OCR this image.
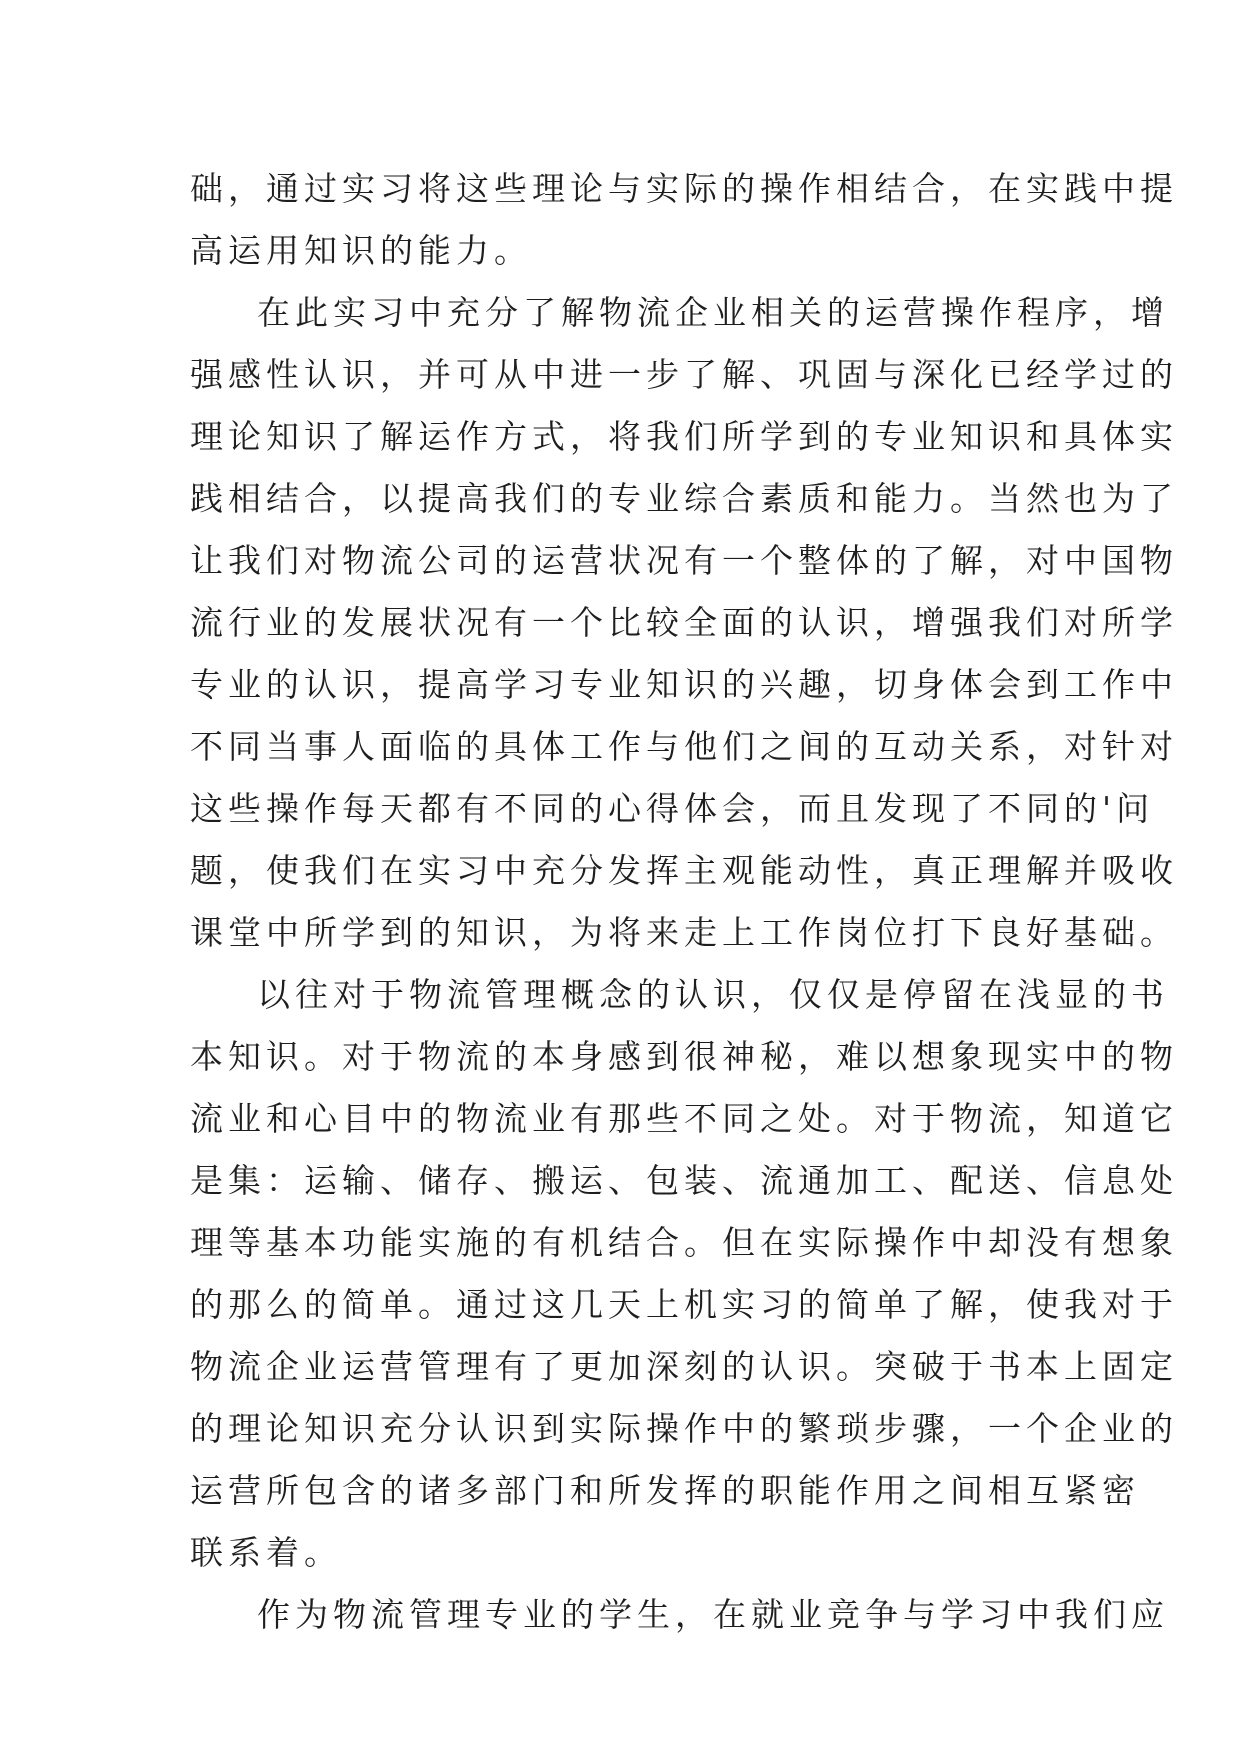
础，通过实习将这些理论与实际的操作相结合，在实践中提
高运用知识的能力。
在此实习中充分了解物流企业相关的运营操作程序，增
强感性认识，并可从中进一步了解、巩固与深化已经学过的
理论知识了解运作方式，将我们所学到的专业知识和具体实
践相结合，以提高我们的专业综合素质和能力。当然也为了
让我们对物流公司的运营状况有一个整体的了解，对中国物
流行业的发展状况有一个比较全面的认识，增强我们对所学
专业的认识，提高学习专业知识的兴趣，切身体会到工作中
不同当事人面临的具体工作与他们之间的互动关系，对针对
这些操作每天都有不同的心得体会，而且发现了不同的'问
题，使我们在实习中充分发挥主观能动性，真正理解并吸收
课堂中所学到的知识，为将来走上工作岗位打下良好基础。
以往对于物流管理概念的认识，仅仅是停留在浅显的书
本知识。对于物流的本身感到很神秘，难以想象现实中的物
流业和心目中的物流业有那些不同之处。对于物流，知道它
是集：运输、储存、搬运、包装、流通加工、配送、信息处
理等基本功能实施的有机结合。但在实际操作中却没有想象
的那么的简单。通过这几天上机实习的简单了解，使我对于
物流企业运营管理有了更加深刻的认识。突破于书本上固定
的理论知识充分认识到实际操作中的繁琐步骤，一个企业的
运营所包含的诸多部门和所发挥的职能作用之间相互紧密
联系着。
作为物流管理专业的学生，在就业竞争与学习中我们应
